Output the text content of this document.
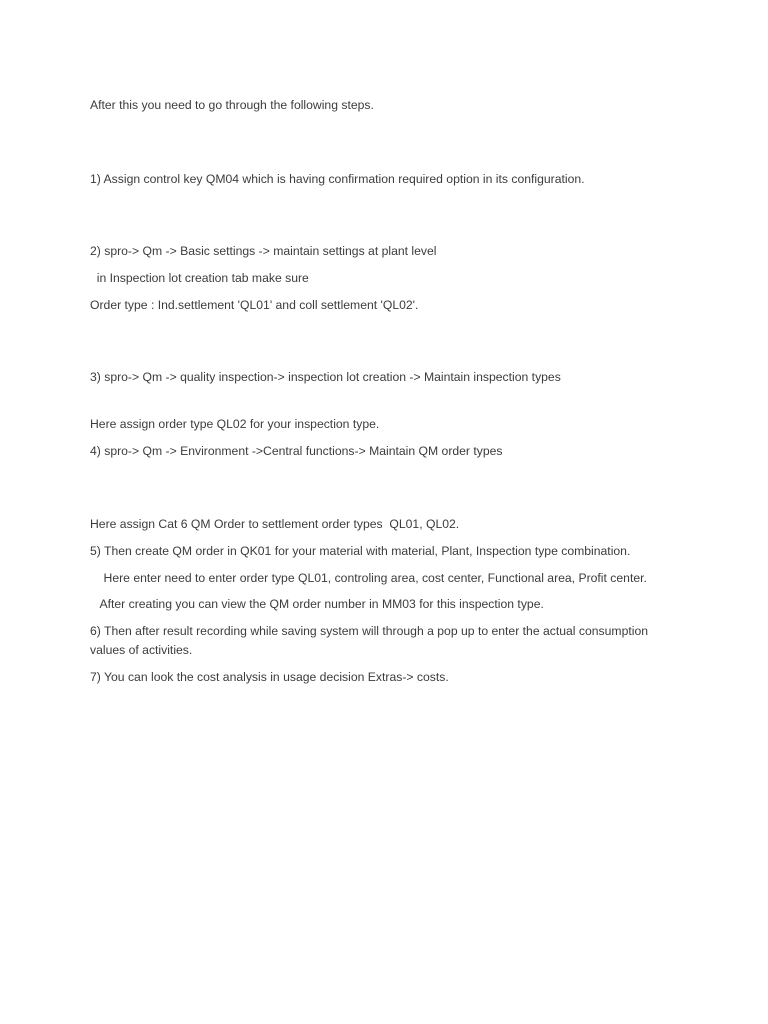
After this you need to go through the following steps.
1) Assign control key QM04 which is having confirmation required option in its configuration.
2) spro-> Qm -> Basic settings -> maintain settings at plant level
in Inspection lot creation tab make sure
Order type : Ind.settlement 'QL01' and coll settlement 'QL02'.
3) spro-> Qm -> quality inspection-> inspection lot creation -> Maintain inspection types
Here assign order type QL02 for your inspection type.
4) spro-> Qm -> Environment ->Central functions-> Maintain QM order types
Here assign Cat 6 QM Order to settlement order types  QL01, QL02.
5) Then create QM order in QK01 for your material with material, Plant, Inspection type combination.
Here enter need to enter order type QL01, controling area, cost center, Functional area, Profit center.
After creating you can view the QM order number in MM03 for this inspection type.
6) Then after result recording while saving system will through a pop up to enter the actual consumption values of activities.
7) You can look the cost analysis in usage decision Extras-> costs.
